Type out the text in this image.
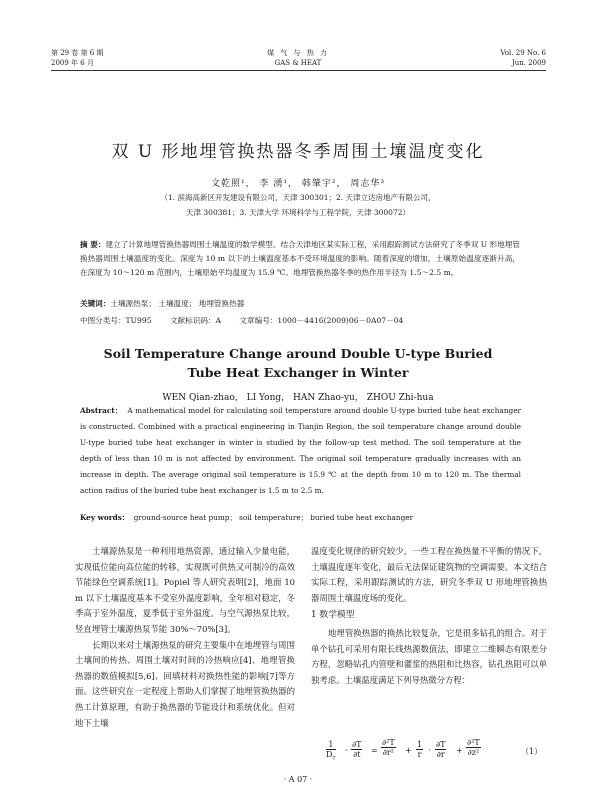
第 29 卷 第 6 期
2009 年 6 月
煤 气 与 热 力
GAS & HEAT
Vol. 29 No. 6
Jun. 2009
双 U 形地埋管换热器冬季周围土壤温度变化
文乾照¹， 李 湧¹， 韩肇宇²， 周志华³
（1. 滨海高新区开发建设有限公司，天津 300301；2. 天津立达房地产有限公司，
天津 300381；3. 天津大学 环境科学与工程学院，天津 300072）
摘 要：建立了计算地埋管换热器周围土壤温度的数学模型。结合天津地区某实际工程，采用跟踪测试方法研究了冬季双 U 形地埋管换热器周围土壤温度的变化。深度为 10 m 以下的土壤温度基本不受环境温度的影响。随着深度的增加，土壤原始温度逐渐升高，在深度为 10～120 m 范围内，土壤原始平均温度为 15.9 ℃。地埋管换热器冬季的热作用半径为 1.5～2.5 m。
关键词：土壤源热泵； 土壤温度； 地埋管换热器
中图分类号：TU995 文献标识码：A 文章编号：1000－4416(2009)06－0A07－04
Soil Temperature Change around Double U-type Buried
Tube Heat Exchanger in Winter
WEN Qian-zhao， LI Yong， HAN Zhao-yu， ZHOU Zhi-hua
Abstract： A mathematical model for calculating soil temperature around double U-type buried tube heat exchanger is constructed. Combined with a practical engineering in Tianjin Region, the soil temperature change around double U-type buried tube heat exchanger in winter is studied by the follow-up test method. The soil temperature at the depth of less than 10 m is not affected by environment. The original soil temperature gradually increases with an increase in depth. The average original soil temperature is 15.9 ℃ at the depth from 10 m to 120 m. The thermal action radius of the buried tube heat exchanger is 1.5 m to 2.5 m.
Key words： ground-source heat pump； soil temperature； buried tube heat exchanger

土壤源热泵是一种利用地热资源，通过输入少量电能，实现低位能向高位能的转移，实现既可供热又可制冷的高效节能绿色空调系统[1]。Popiel 等人研究表明[2]，地面 10 m 以下土壤温度基本不受室外温度影响，全年相对稳定，冬季高于室外温度，夏季低于室外温度。与空气源热泵比较，竖直埋管土壤源热泵节能 30%～70%[3]。

长期以来对土壤源热泵的研究主要集中在地埋管与周围土壤间的传热、周围土壤对时间的冷热响应[4]、地埋管换热器的数值模拟[5,6]、回填材料对换热性能的影响[7]等方面。这些研究在一定程度上帮助人们掌握了地埋管换热器的热工计算原理，有助于换热器的节能设计和系统优化。但对地下土壤

温度变化规律的研究较少，一些工程在换热量不平衡的情况下，土壤温度逐年变化，最后无法保证建筑物的空调需要。本文结合实际工程，采用跟踪测试的方法，研究冬季双 U 形地埋管换热器周围土壤温度场的变化。

1 数学模型

地埋管换热器的换热比较复杂，它是很多钻孔的组合。对于单个钻孔可采用有限长线热源数值法，即建立二维瞬态有限差分方程，忽略钻孔内管壁和灌浆的热阻和比热容，钻孔热阻可以单独考虑。土壤温度满足下列导热微分方程：

1
$D_T$
·
∂T
∂t =
∂²T
∂r² +
1
r ·
∂T
∂r +
∂²T
∂z²	（1）
· A 07 ·
